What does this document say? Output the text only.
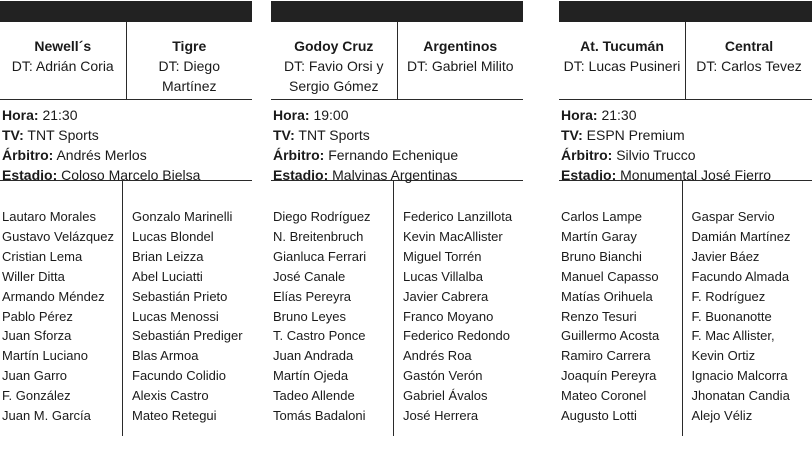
Newell´s
DT: Adrián Coria
Tigre
DT: Diego Martínez
Hora: 21:30
TV: TNT Sports
Árbitro: Andrés Merlos
Estadio: Coloso Marcelo Bielsa
Lautaro Morales
Gustavo Velázquez
Cristian Lema
Willer Ditta
Armando Méndez
Pablo Pérez
Juan Sforza
Martín Luciano
Juan Garro
F. González
Juan M. García
Gonzalo Marinelli
Lucas Blondel
Brian Leizza
Abel Luciatti
Sebastián Prieto
Lucas Menossi
Sebastián Prediger
Blas Armoa
Facundo Colidio
Alexis Castro
Mateo Retegui
Godoy Cruz
DT: Favio Orsi y Sergio Gómez
Argentinos
DT: Gabriel Milito
Hora: 19:00
TV: TNT Sports
Árbitro: Fernando Echenique
Estadio: Malvinas Argentinas
Diego Rodríguez
N. Breitenbruch
Gianluca Ferrari
José Canale
Elías Pereyra
Bruno Leyes
T. Castro Ponce
Juan Andrada
Martín Ojeda
Tadeo Allende
Tomás Badaloni
Federico Lanzillota
Kevin MacAllister
Miguel Torrén
Lucas Villalba
Javier Cabrera
Franco Moyano
Federico Redondo
Andrés Roa
Gastón Verón
Gabriel Ávalos
José Herrera
At. Tucumán
DT: Lucas Pusineri
Central
DT: Carlos Tevez
Hora: 21:30
TV: ESPN Premium
Árbitro: Silvio Trucco
Estadio: Monumental José Fierro
Carlos Lampe
Martín Garay
Bruno Bianchi
Manuel Capasso
Matías Orihuela
Renzo Tesuri
Guillermo Acosta
Ramiro Carrera
Joaquín Pereyra
Mateo Coronel
Augusto Lotti
Gaspar Servio
Damián Martínez
Javier Báez
Facundo Almada
F. Rodríguez
F. Buonanotte
F. Mac Allister,
Kevin Ortiz
Ignacio Malcorra
Jhonatan Candia
Alejo Véliz
